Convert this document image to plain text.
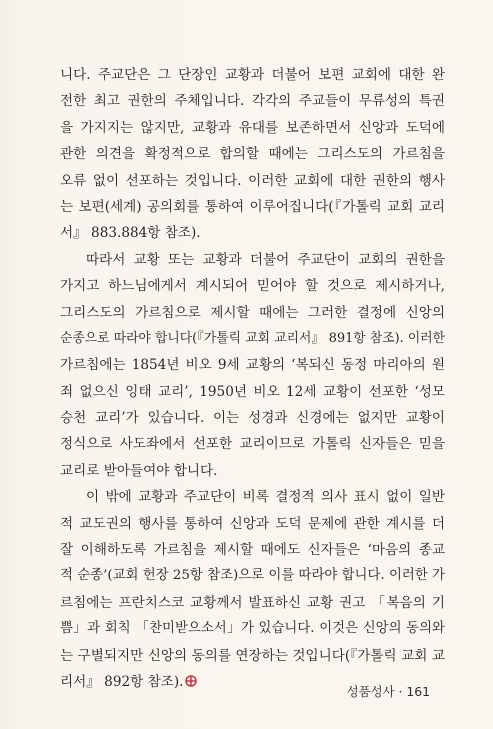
니다. 주교단은 그 단장인 교황과 더불어 보편 교회에 대한 완
전한 최고 권한의 주체입니다. 각각의 주교들이 무류성의 특권
을 가지지는 않지만, 교황과 유대를 보존하면서 신앙과 도덕에
관한 의견을 확정적으로 합의할 때에는 그리스도의 가르침을
오류 없이 선포하는 것입니다. 이러한 교회에 대한 권한의 행사
는 보편(세계) 공의회를 통하여 이루어집니다(『가톨릭 교회 교리
서』 883.884항 참조).
따라서 교황 또는 교황과 더불어 주교단이 교회의 권한을
가지고 하느님에게서 계시되어 믿어야 할 것으로 제시하거나,
그리스도의 가르침으로 제시할 때에는 그러한 결정에 신앙의
순종으로 따라야 합니다(『가톨릭 교회 교리서』 891항 참조). 이러한
가르침에는 1854년 비오 9세 교황의 ‘복되신 동정 마리아의 원
죄 없으신 잉태 교리’, 1950년 비오 12세 교황이 선포한 ‘성모
승천 교리’가 있습니다. 이는 성경과 신경에는 없지만 교황이
정식으로 사도좌에서 선포한 교리이므로 가톨릭 신자들은 믿을
교리로 받아들여야 합니다.
이 밖에 교황과 주교단이 비록 결정적 의사 표시 없이 일반
적 교도권의 행사를 통하여 신앙과 도덕 문제에 관한 계시를 더
잘 이해하도록 가르침을 제시할 때에도 신자들은 ‘마음의 종교
적 순종’(교회 헌장 25항 참조)으로 이를 따라야 합니다. 이러한 가
르침에는 프란치스코 교황께서 발표하신 교황 권고 「복음의 기
쁨」과 회칙 「찬미받으소서」가 있습니다. 이것은 신앙의 동의와
는 구별되지만 신앙의 동의를 연장하는 것입니다(『가톨릭 교회 교
리서』 892항 참조).
성품성사 · 161
